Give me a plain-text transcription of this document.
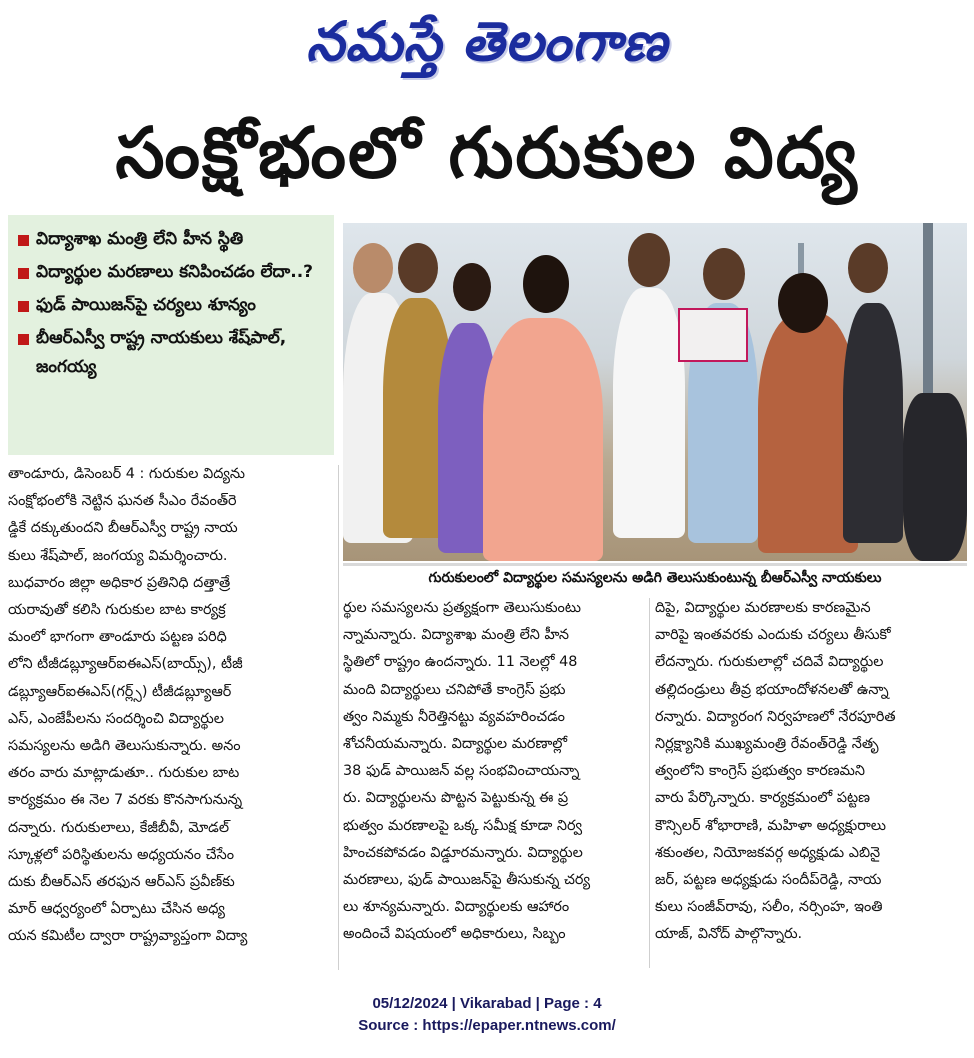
నమస్తే తెలంగాణ
సంక్షోభంలో గురుకుల విద్య
విద్యాశాఖ మంత్రి లేని హీన స్థితి
విద్యార్థుల మరణాలు కనిపించడం లేదా..?
ఫుడ్ పాయిజన్‌పై చర్యలు శూన్యం
బీఆర్‌ఎస్వీ రాష్ట్ర నాయకులు శేష్‌పాల్, జంగయ్య
గురుకులంలో విద్యార్థుల సమస్యలను అడిగి తెలుసుకుంటున్న బీఆర్‌ఎస్వీ నాయకులు

తాండూరు, డిసెంబర్ 4 : గురుకుల విద్యను

సంక్షోభంలోకి నెట్టిన ఘనత సీఎం రేవంత్‌రె

డ్డికే దక్కుతుందని బీఆర్‌ఎస్వీ రాష్ట్ర నాయ

కులు శేష్‌పాల్, జంగయ్య విమర్శించారు.

బుధవారం జిల్లా అధికార ప్రతినిధి దత్తాత్రే

యరావుతో కలిసి గురుకుల బాట కార్యక్ర

మంలో భాగంగా తాండూరు పట్టణ పరిధి

లోని టీజీడబ్ల్యూఆర్ఐఈఎస్(బాయ్స్), టీజీ

డబ్ల్యూఆర్ఐఈఎస్(గర్ల్స్) టీజీడబ్ల్యూఆర్

ఎస్, ఎంజేపీలను సందర్శించి విద్యార్థుల

సమస్యలను అడిగి తెలుసుకున్నారు. అనం

తరం వారు మాట్లాడుతూ.. గురుకుల బాట

కార్యక్రమం ఈ నెల 7 వరకు కొనసాగునున్న

దన్నారు. గురుకులాలు, కేజీబీవీ, మోడల్

స్కూళ్లలో పరిస్థితులను అధ్యయనం చేసేం

దుకు బీఆర్ఎస్ తరఫున ఆర్ఎస్ ప్రవీణ్‌కు

మార్ ఆధ్వర్యంలో ఏర్పాటు చేసిన అధ్య

యన కమిటీల ద్వారా రాష్ట్రవ్యాప్తంగా విద్యా

ర్థుల సమస్యలను ప్రత్యక్షంగా తెలుసుకుంటు

న్నామన్నారు. విద్యాశాఖ మంత్రి లేని హీన

స్థితిలో రాష్ట్రం ఉందన్నారు. 11 నెలల్లో 48

మంది విద్యార్థులు చనిపోతే కాంగ్రెస్ ప్రభు

త్వం నిమ్మకు నీరెత్తినట్టు వ్యవహరించడం

శోచనీయమన్నారు. విద్యార్థుల మరణాల్లో

38 ఫుడ్ పాయిజన్ వల్ల సంభవించాయన్నా

రు. విద్యార్థులను పొట్టన పెట్టుకున్న ఈ ప్ర

భుత్వం మరణాలపై ఒక్క సమీక్ష కూడా నిర్వ

హించకపోవడం విడ్డూరమన్నారు. విద్యార్థుల

మరణాలు, ఫుడ్ పాయిజన్‌పై తీసుకున్న చర్య

లు శూన్యమన్నారు. విద్యార్థులకు ఆహారం

అందించే విషయంలో అధికారులు, సిబ్బం

దిపై, విద్యార్థుల మరణాలకు కారణమైన

వారిపై ఇంతవరకు ఎందుకు చర్యలు తీసుకో

లేదన్నారు. గురుకులాల్లో చదివే విద్యార్థుల

తల్లిదండ్రులు తీవ్ర భయాందోళనలతో ఉన్నా

రన్నారు. విద్యారంగ నిర్వహణలో నేరపూరిత

నిర్లక్ష్యానికి ముఖ్యమంత్రి రేవంత్‌రెడ్డి నేతృ

త్వంలోని కాంగ్రెస్ ప్రభుత్వం కారణమని

వారు పేర్కొన్నారు. కార్యక్రమంలో పట్టణ

కౌన్సిలర్ శోభారాణి, మహిళా అధ్యక్షురాలు

శకుంతల, నియోజకవర్గ అధ్యక్షుడు ఎబినై

జర్, పట్టణ అధ్యక్షుడు సందీప్‌రెడ్డి, నాయ

కులు సంజీవ్‌రావు, సలీం, నర్సింహ, ఇంతి

యాజ్, వినోద్ పాల్గొన్నారు.

05/12/2024 | Vikarabad | Page : 4
Source : https://epaper.ntnews.com/
